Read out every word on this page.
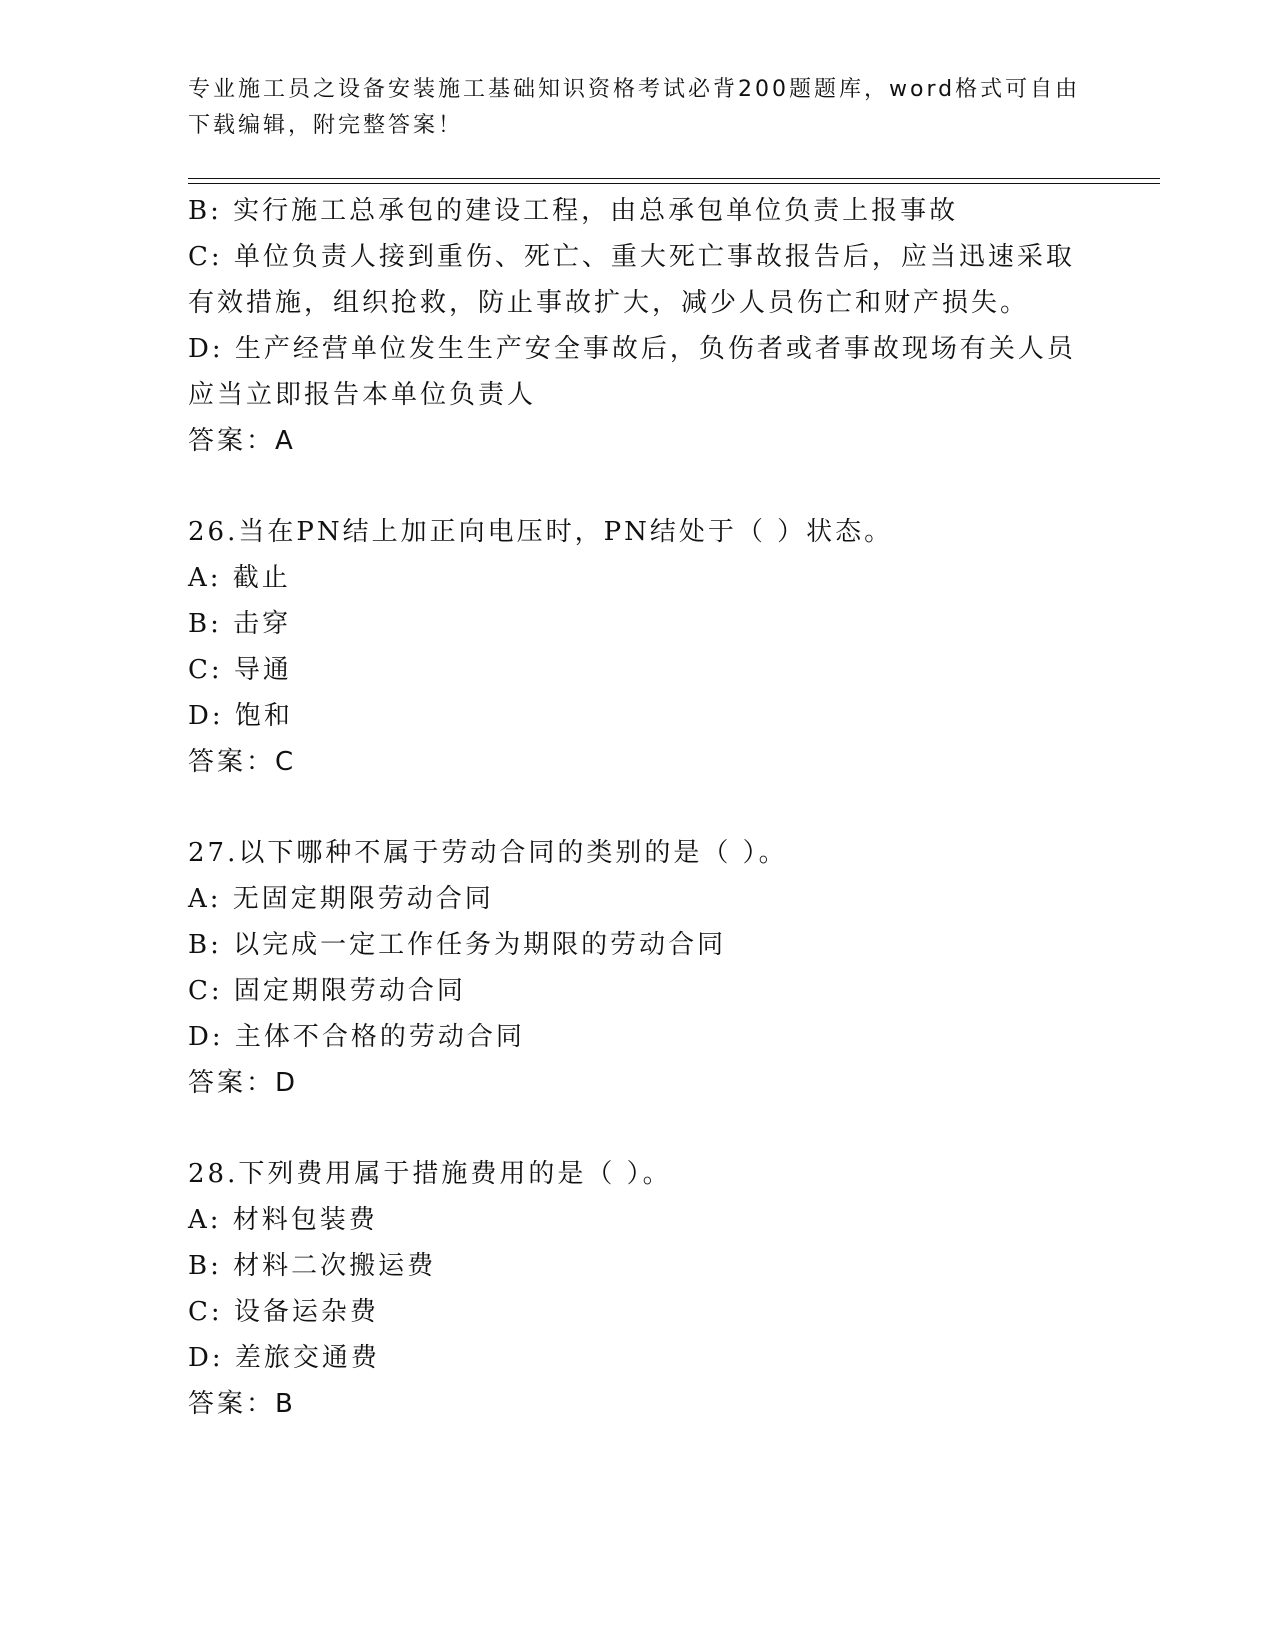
专业施工员之设备安装施工基础知识资格考试必背200题题库，word格式可自由
下载编辑，附完整答案！
B: 实行施工总承包的建设工程，由总承包单位负责上报事故
C: 单位负责人接到重伤、死亡、重大死亡事故报告后，应当迅速采取
有效措施，组织抢救，防止事故扩大，减少人员伤亡和财产损失。
D: 生产经营单位发生生产安全事故后，负伤者或者事故现场有关人员
应当立即报告本单位负责人
答案：A
26.当在PN结上加正向电压时，PN结处于（ ）状态。
A: 截止
B: 击穿
C: 导通
D: 饱和
答案：C
27.以下哪种不属于劳动合同的类别的是（ ）。
A: 无固定期限劳动合同
B: 以完成一定工作任务为期限的劳动合同
C: 固定期限劳动合同
D: 主体不合格的劳动合同
答案：D
28.下列费用属于措施费用的是（ ）。
A: 材料包装费
B: 材料二次搬运费
C: 设备运杂费
D: 差旅交通费
答案：B
